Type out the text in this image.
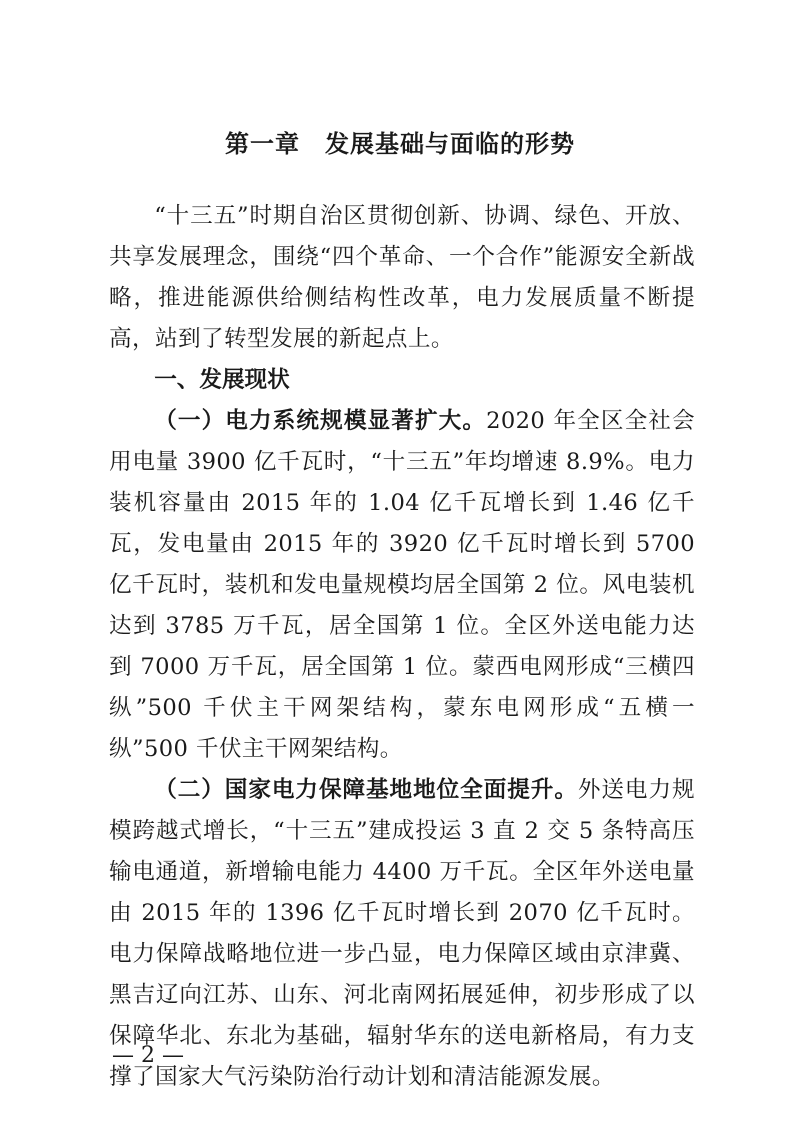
第一章　发展基础与面临的形势

“十三五”时期自治区贯彻创新、协调、绿色、开放、共享发展理念，围绕“四个革命、一个合作”能源安全新战略，推进能源供给侧结构性改革，电力发展质量不断提高，站到了转型发展的新起点上。

一、发展现状

（一）电力系统规模显著扩大。2020 年全区全社会用电量 3900 亿千瓦时，“十三五”年均增速 8.9%。电力装机容量由 2015 年的 1.04 亿千瓦增长到 1.46 亿千瓦，发电量由 2015 年的 3920 亿千瓦时增长到 5700 亿千瓦时，装机和发电量规模均居全国第 2 位。风电装机达到 3785 万千瓦，居全国第 1 位。全区外送电能力达到 7000 万千瓦，居全国第 1 位。蒙西电网形成“三横四纵”500 千伏主干网架结构，蒙东电网形成“五横一纵”500 千伏主干网架结构。

（二）国家电力保障基地地位全面提升。外送电力规模跨越式增长，“十三五”建成投运 3 直 2 交 5 条特高压输电通道，新增输电能力 4400 万千瓦。全区年外送电量由 2015 年的 1396 亿千瓦时增长到 2070 亿千瓦时。电力保障战略地位进一步凸显，电力保障区域由京津冀、黑吉辽向江苏、山东、河北南网拓展延伸，初步形成了以保障华北、东北为基础，辐射华东的送电新格局，有力支撑了国家大气污染防治行动计划和清洁能源发展。

— 2 —
